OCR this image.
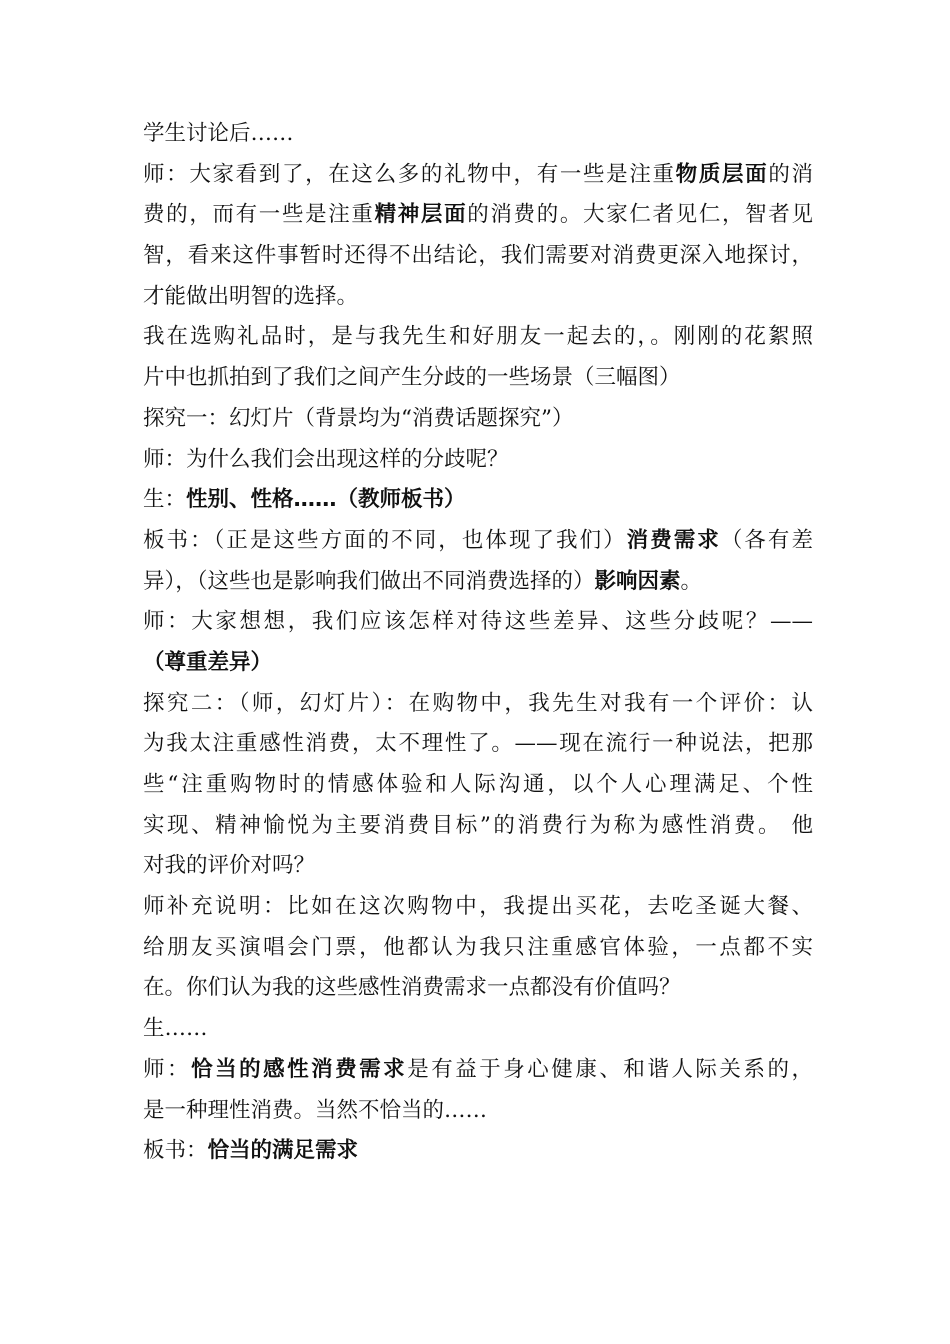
学生讨论后……
师：大家看到了，在这么多的礼物中，有一些是注重物质层面的消
费的，而有一些是注重精神层面的消费的。大家仁者见仁，智者见
智，看来这件事暂时还得不出结论，我们需要对消费更深入地探讨，
才能做出明智的选择。
我在选购礼品时，是与我先生和好朋友一起去的，。刚刚的花絮照
片中也抓拍到了我们之间产生分歧的一些场景（三幅图）
探究一：幻灯片（背景均为“消费话题探究”）
师：为什么我们会出现这样的分歧呢？
生：性别、性格……（教师板书）
板书：（正是这些方面的不同，也体现了我们）消费需求（各有差
异），（这些也是影响我们做出不同消费选择的）影响因素。
师：大家想想，我们应该怎样对待这些差异、这些分歧呢？——
（尊重差异）
探究二：（师，幻灯片）：在购物中，我先生对我有一个评价：认
为我太注重感性消费，太不理性了。——现在流行一种说法，把那
些“注重购物时的情感体验和人际沟通，以个人心理满足、个性
实现、精神愉悦为主要消费目标”的消费行为称为感性消费。 他
对我的评价对吗？
师补充说明：比如在这次购物中，我提出买花，去吃圣诞大餐、
给朋友买演唱会门票，他都认为我只注重感官体验，一点都不实
在。你们认为我的这些感性消费需求一点都没有价值吗？
生……
师：恰当的感性消费需求是有益于身心健康、和谐人际关系的，
是一种理性消费。当然不恰当的……
板书：恰当的满足需求
